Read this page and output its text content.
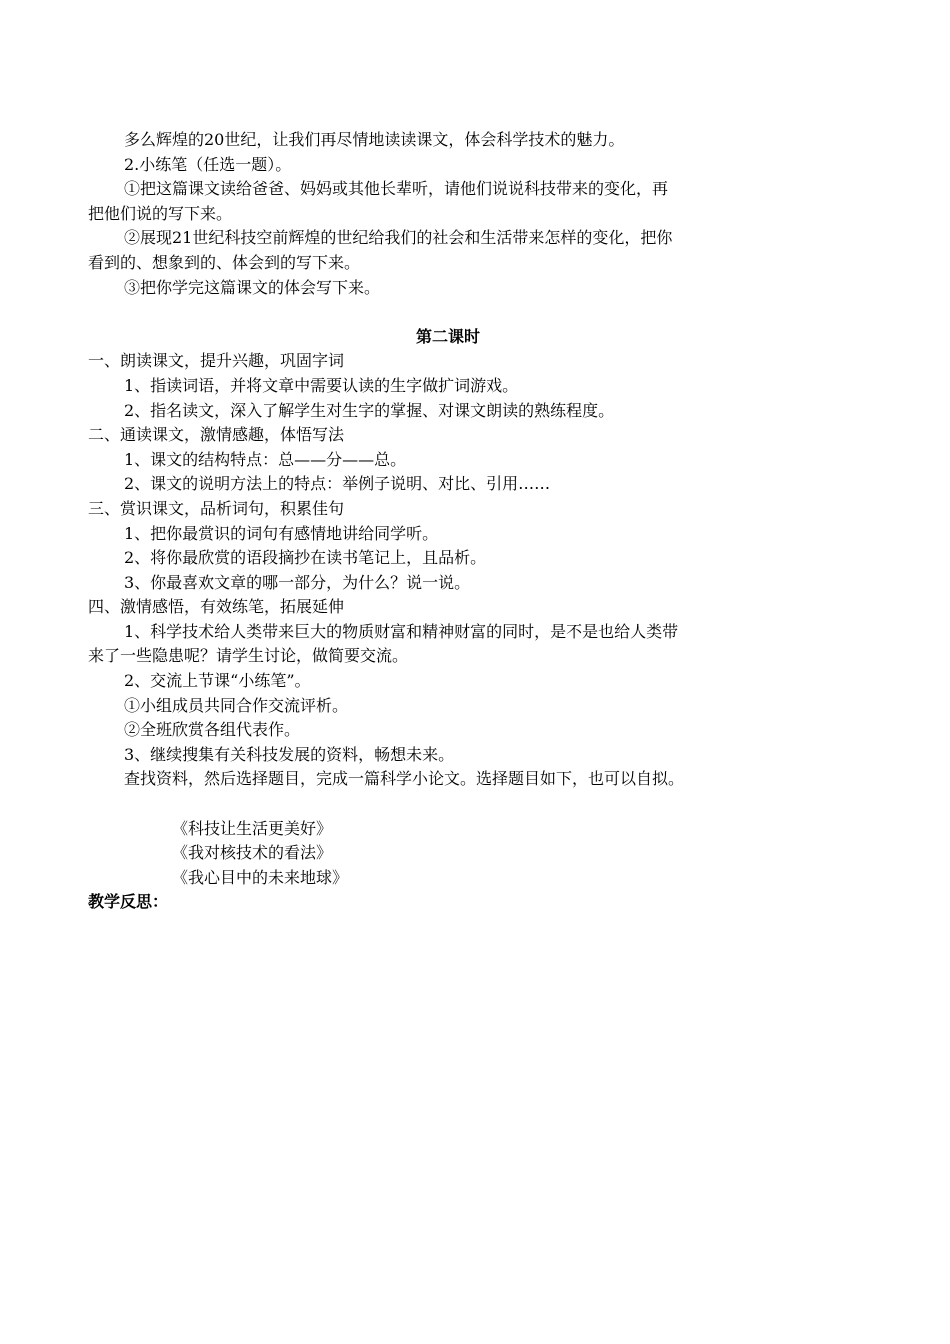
多么辉煌的20世纪，让我们再尽情地读读课文，体会科学技术的魅力。
2.小练笔（任选一题）。
①把这篇课文读给爸爸、妈妈或其他长辈听，请他们说说科技带来的变化，再
把他们说的写下来。
②展现21世纪科技空前辉煌的世纪给我们的社会和生活带来怎样的变化，把你
看到的、想象到的、体会到的写下来。
③把你学完这篇课文的体会写下来。
第二课时
一、朗读课文，提升兴趣，巩固字词
1、指读词语，并将文章中需要认读的生字做扩词游戏。
2、指名读文，深入了解学生对生字的掌握、对课文朗读的熟练程度。
二、通读课文，激情感趣，体悟写法
1、课文的结构特点：总——分——总。
2、课文的说明方法上的特点：举例子说明、对比、引用……
三、赏识课文，品析词句，积累佳句
1、把你最赏识的词句有感情地讲给同学听。
2、将你最欣赏的语段摘抄在读书笔记上，且品析。
3、你最喜欢文章的哪一部分，为什么？说一说。
四、激情感悟，有效练笔，拓展延伸
1、科学技术给人类带来巨大的物质财富和精神财富的同时，是不是也给人类带
来了一些隐患呢？请学生讨论，做简要交流。
2、交流上节课“小练笔”。
①小组成员共同合作交流评析。
②全班欣赏各组代表作。
3、继续搜集有关科技发展的资料，畅想未来。
查找资料，然后选择题目，完成一篇科学小论文。选择题目如下，也可以自拟。
《科技让生活更美好》
《我对核技术的看法》
《我心目中的未来地球》
教学反思：
